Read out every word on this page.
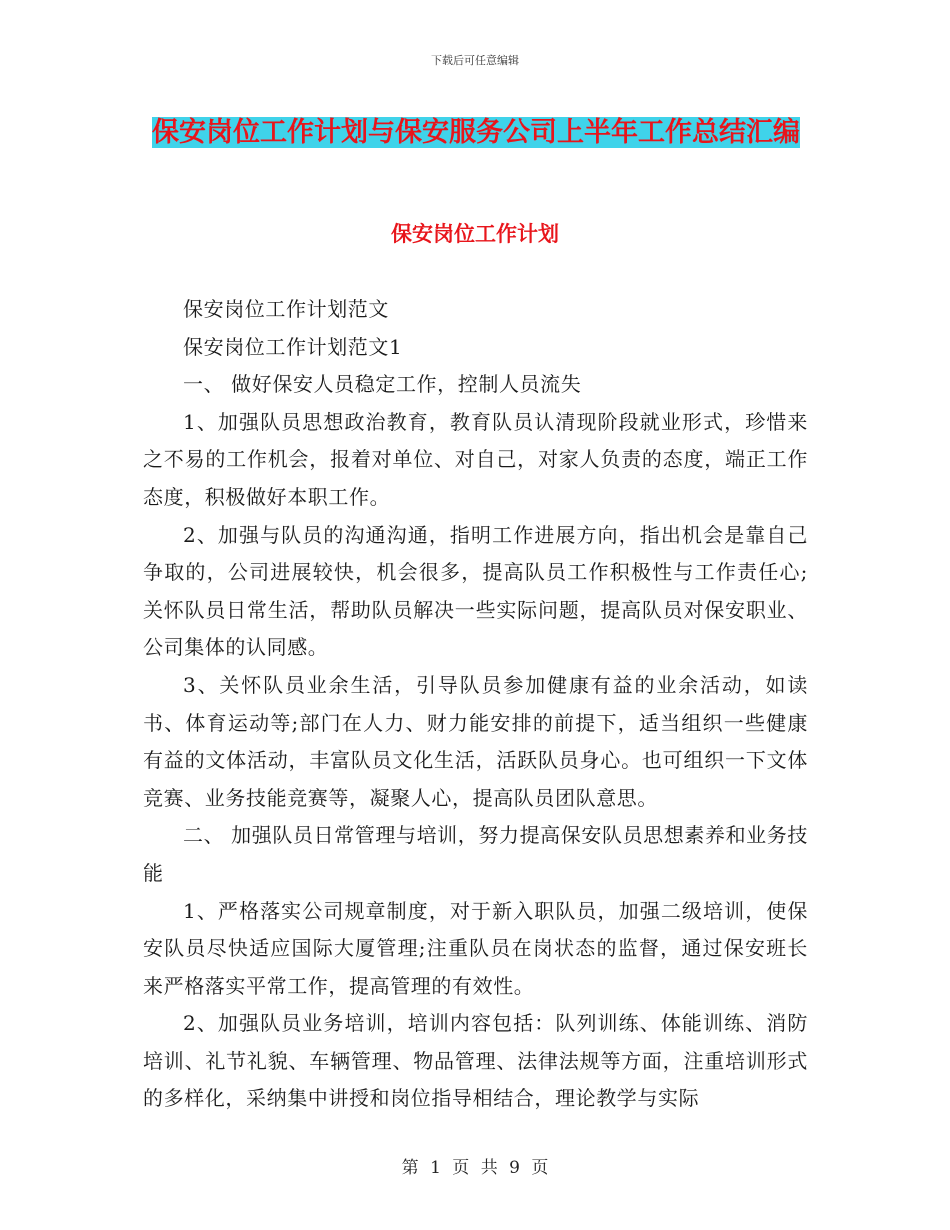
下载后可任意编辑
保安岗位工作计划与保安服务公司上半年工作总结汇编
保安岗位工作计划

保安岗位工作计划范文

保安岗位工作计划范文1

一、 做好保安人员稳定工作，控制人员流失

1、加强队员思想政治教育，教育队员认清现阶段就业形式，珍惜来之不易的工作机会，报着对单位、对自己，对家人负责的态度，端正工作态度，积极做好本职工作。

2、加强与队员的沟通沟通，指明工作进展方向，指出机会是靠自己争取的，公司进展较快，机会很多，提高队员工作积极性与工作责任心;关怀队员日常生活，帮助队员解决一些实际问题，提高队员对保安职业、公司集体的认同感。

3、关怀队员业余生活，引导队员参加健康有益的业余活动，如读书、体育运动等;部门在人力、财力能安排的前提下，适当组织一些健康有益的文体活动，丰富队员文化生活，活跃队员身心。也可组织一下文体竞赛、业务技能竞赛等，凝聚人心，提高队员团队意思。

二、 加强队员日常管理与培训，努力提高保安队员思想素养和业务技能

1、严格落实公司规章制度，对于新入职队员，加强二级培训，使保安队员尽快适应国际大厦管理;注重队员在岗状态的监督，通过保安班长来严格落实平常工作，提高管理的有效性。

2、加强队员业务培训，培训内容包括：队列训练、体能训练、消防培训、礼节礼貌、车辆管理、物品管理、法律法规等方面，注重培训形式的多样化，采纳集中讲授和岗位指导相结合，理论教学与实际

第 1 页 共 9 页
